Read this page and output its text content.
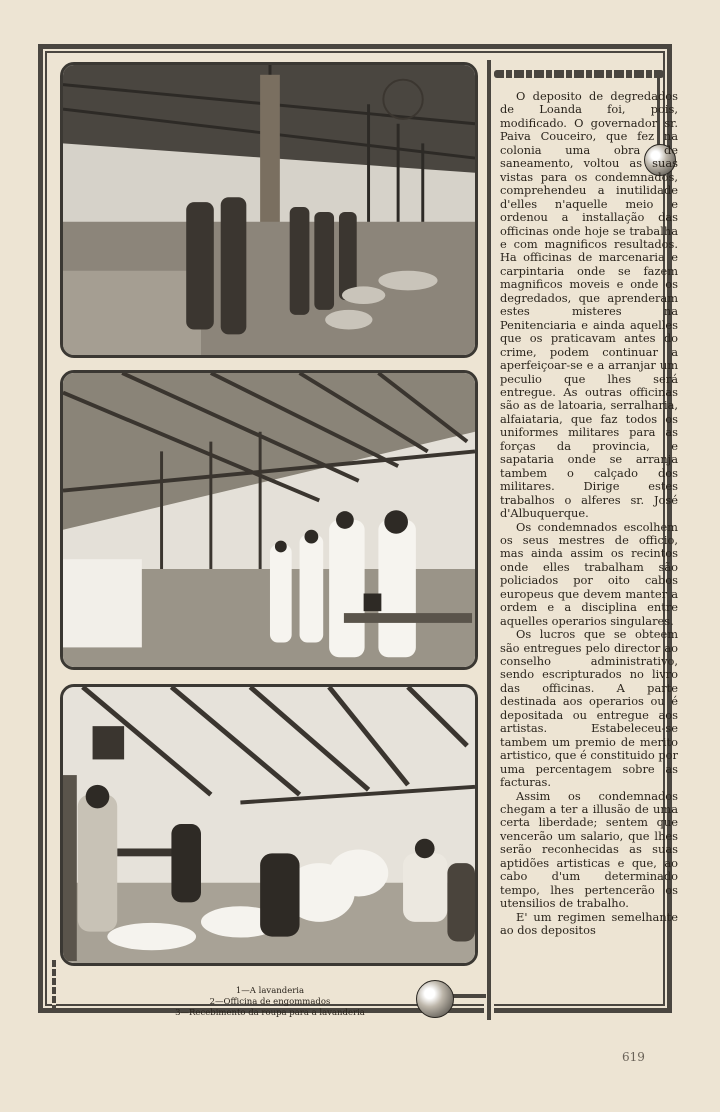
O deposito de degredados de Loanda foi, pois, modificado. O governador sr. Paiva Couceiro, que fez na colonia uma obra de saneamento, voltou as suas vistas para os condemnados, comprehendeu a inutilidade d'elles n'aquelle meio e ordenou a installação das officinas onde hoje se trabalha e com magnificos resultados. Ha officinas de marcenaria e carpintaria onde se fazem magnificos moveis e onde os degredados, que aprenderam estes misteres na Penitenciaria e ainda aquelles que os praticavam antes do crime, podem continuar a aperfeiçoar-se e a arranjar um peculio que lhes será entregue. As outras officinas são as de latoaria, serralharia, alfaiataria, que faz todos os uniformes militares para as forças da provincia, e sapataria onde se arranja tambem o calçado dos militares. Dirige estes trabalhos o alferes sr. José d'Albuquerque.

Os condemnados escolhem os seus mestres de officio, mas ainda assim os recintos onde elles trabalham são policiados por oito cabos europeus que devem manter a ordem e a disciplina entre aquelles operarios singulares.

Os lucros que se obteem são entregues pelo director ao conselho administrativo, sendo escripturados no livro das officinas. A parte destinada aos operarios ou é depositada ou entregue aos artistas. Estabeleceu-se tambem um premio de merito artistico, que é constituido por uma percentagem sobre as facturas.

Assim os condemnados chegam a ter a illusão de uma certa liberdade; sentem que vencerão um salario, que lhes serão reconhecidas as suas aptidões artisticas e que, ao cabo d'um determinado tempo, lhes pertencerão os utensilios de trabalho.

E' um regimen semelhante ao dos depositos

1—A lavanderia
2—Officina de engommados
3—Recebimento da roupa para a lavanderia
619
